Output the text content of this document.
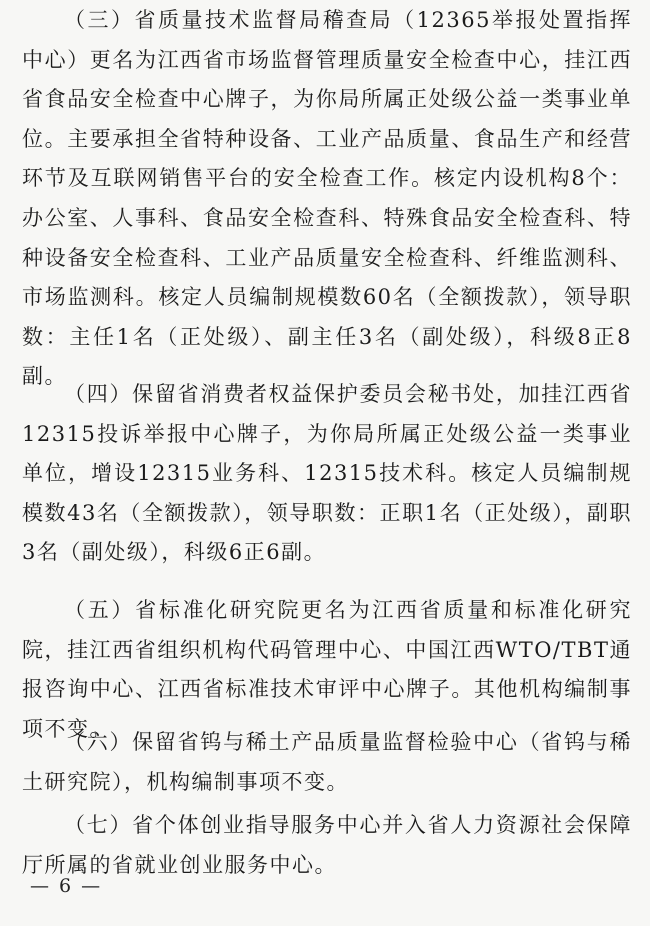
（三）省质量技术监督局稽查局（12365举报处置指挥中心）更名为江西省市场监督管理质量安全检查中心，挂江西省食品安全检查中心牌子，为你局所属正处级公益一类事业单位。主要承担全省特种设备、工业产品质量、食品生产和经营环节及互联网销售平台的安全检查工作。核定内设机构8个：办公室、人事科、食品安全检查科、特殊食品安全检查科、特种设备安全检查科、工业产品质量安全检查科、纤维监测科、市场监测科。核定人员编制规模数60名（全额拨款），领导职数：主任1名（正处级）、副主任3名（副处级），科级8正8副。

（四）保留省消费者权益保护委员会秘书处，加挂江西省12315投诉举报中心牌子，为你局所属正处级公益一类事业单位，增设12315业务科、12315技术科。核定人员编制规模数43名（全额拨款），领导职数：正职1名（正处级），副职3名（副处级），科级6正6副。

（五）省标准化研究院更名为江西省质量和标准化研究院，挂江西省组织机构代码管理中心、中国江西WTO/TBT通报咨询中心、江西省标准技术审评中心牌子。其他机构编制事项不变。

（六）保留省钨与稀土产品质量监督检验中心（省钨与稀土研究院），机构编制事项不变。

（七）省个体创业指导服务中心并入省人力资源社会保障厅所属的省就业创业服务中心。

— 6 —
